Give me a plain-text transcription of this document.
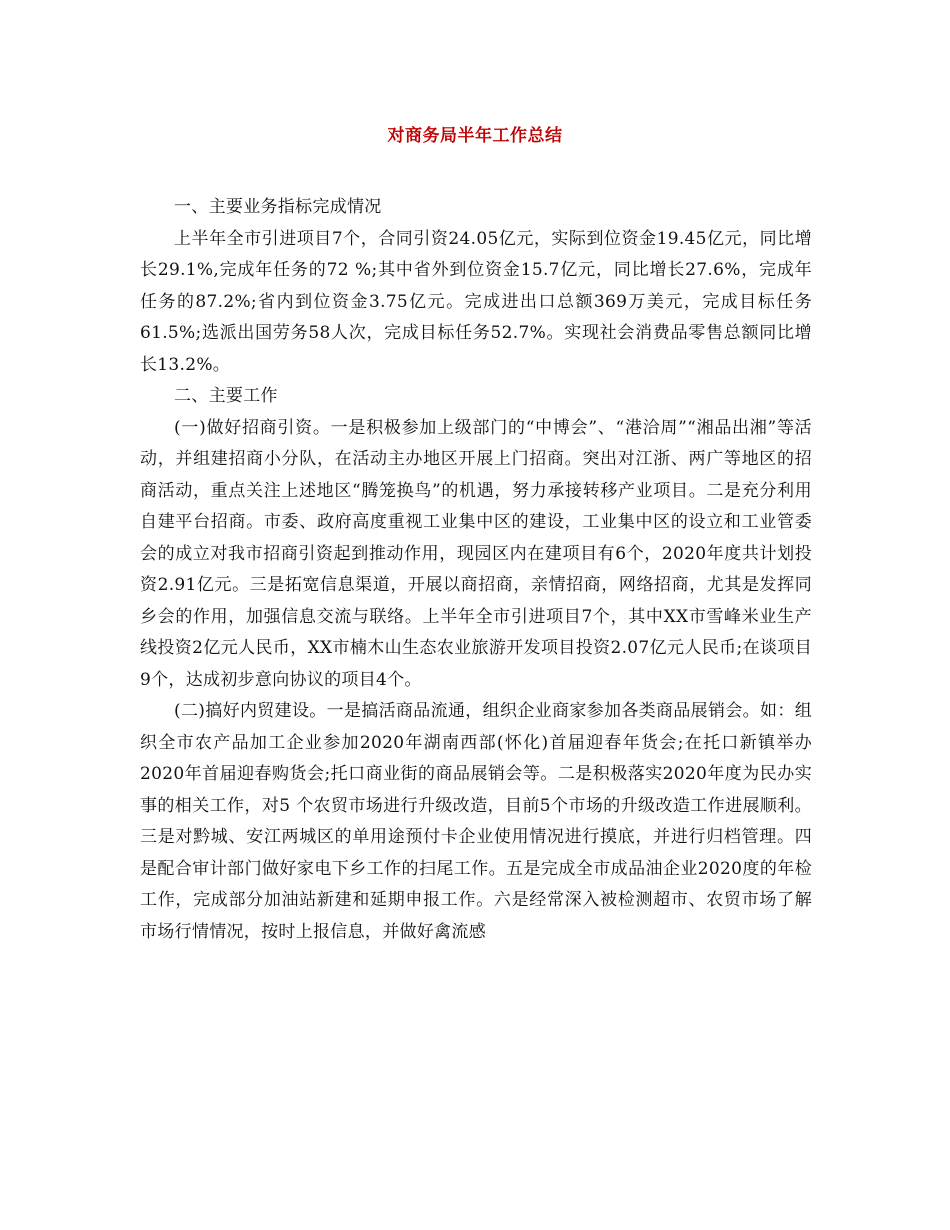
对商务局半年工作总结

一、主要业务指标完成情况

上半年全市引进项目7个，合同引资24.05亿元，实际到位资金19.45亿元，同比增长29.1%,完成年任务的72 %;其中省外到位资金15.7亿元，同比增长27.6%，完成年任务的87.2%;省内到位资金3.75亿元。完成进出口总额369万美元，完成目标任务 61.5%;选派出国劳务58人次，完成目标任务52.7%。实现社会消费品零售总额同比增长13.2%。

二、主要工作

(一)做好招商引资。一是积极参加上级部门的“中博会”、“港洽周”“湘品出湘”等活动，并组建招商小分队，在活动主办地区开展上门招商。突出对江浙、两广等地区的招商活动，重点关注上述地区“腾笼换鸟”的机遇，努力承接转移产业项目。二是充分利用自建平台招商。市委、政府高度重视工业集中区的建设，工业集中区的设立和工业管委会的成立对我市招商引资起到推动作用，现园区内在建项目有6个，2020年度共计划投资2.91亿元。三是拓宽信息渠道，开展以商招商，亲情招商，网络招商，尤其是发挥同乡会的作用，加强信息交流与联络。上半年全市引进项目7个，其中XX市雪峰米业生产线投资2亿元人民币，XX市楠木山生态农业旅游开发项目投资2.07亿元人民币;在谈项目9个，达成初步意向协议的项目4个。

(二)搞好内贸建设。一是搞活商品流通，组织企业商家参加各类商品展销会。如：组织全市农产品加工企业参加2020年湖南西部(怀化)首届迎春年货会;在托口新镇举办2020年首届迎春购货会;托口商业街的商品展销会等。二是积极落实2020年度为民办实事的相关工作，对5 个农贸市场进行升级改造，目前5个市场的升级改造工作进展顺利。三是对黔城、安江两城区的单用途预付卡企业使用情况进行摸底，并进行归档管理。四是配合审计部门做好家电下乡工作的扫尾工作。五是完成全市成品油企业2020度的年检工作，完成部分加油站新建和延期申报工作。六是经常深入被检测超市、农贸市场了解市场行情情况，按时上报信息，并做好禽流感
